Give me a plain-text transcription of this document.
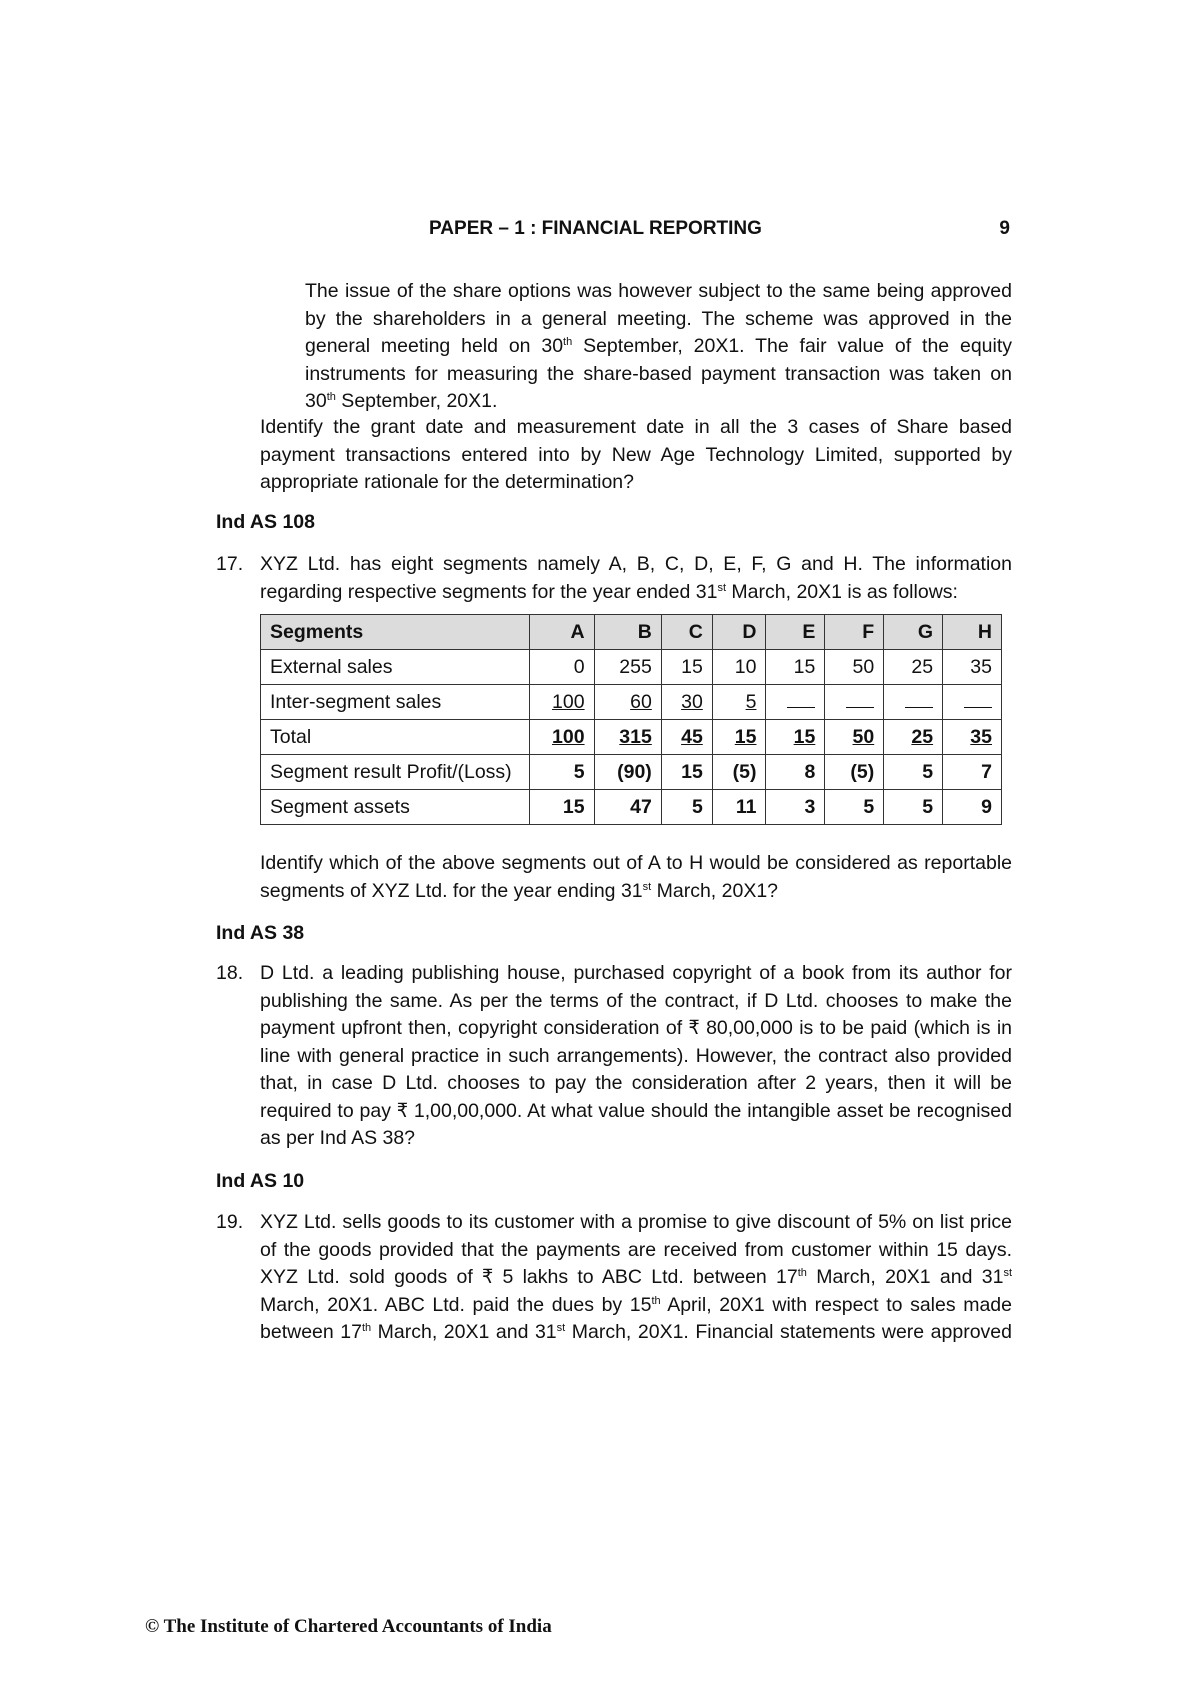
PAPER – 1 : FINANCIAL REPORTING	9

The issue of the share options was however subject to the same being approved by the shareholders in a general meeting. The scheme was approved in the general meeting held on 30th September, 20X1. The fair value of the equity instruments for measuring the share-based payment transaction was taken on 30th September, 20X1.

Identify the grant date and measurement date in all the 3 cases of Share based payment transactions entered into by New Age Technology Limited, supported by appropriate rationale for the determination?

Ind AS 108
17. XYZ Ltd. has eight segments namely A, B, C, D, E, F, G and H. The information regarding respective segments for the year ended 31st March, 20X1 is as follows:

Segments	A	B	C	D	E	F	G	H
External sales	0	255	15	10	15	50	25	35
Inter-segment sales	100	60	30	5				
Total	100	315	45	15	15	50	25	35
Segment result Profit/(Loss)	5	(90)	15	(5)	8	(5)	5	7
Segment assets	15	47	5	11	3	5	5	9

Identify which of the above segments out of A to H would be considered as reportable segments of XYZ Ltd. for the year ending 31st March, 20X1?

Ind AS 38
18. D Ltd. a leading publishing house, purchased copyright of a book from its author for publishing the same. As per the terms of the contract, if D Ltd. chooses to make the payment upfront then, copyright consideration of ₹ 80,00,000 is to be paid (which is in line with general practice in such arrangements). However, the contract also provided that, in case D Ltd. chooses to pay the consideration after 2 years, then it will be required to pay ₹ 1,00,00,000. At what value should the intangible asset be recognised as per Ind AS 38?

Ind AS 10
19. XYZ Ltd. sells goods to its customer with a promise to give discount of 5% on list price of the goods provided that the payments are received from customer within 15 days. XYZ Ltd. sold goods of ₹ 5 lakhs to ABC Ltd. between 17th March, 20X1 and 31st March, 20X1. ABC Ltd. paid the dues by 15th April, 20X1 with respect to sales made between 17th March, 20X1 and 31st March, 20X1. Financial statements were approved

© The Institute of Chartered Accountants of India
